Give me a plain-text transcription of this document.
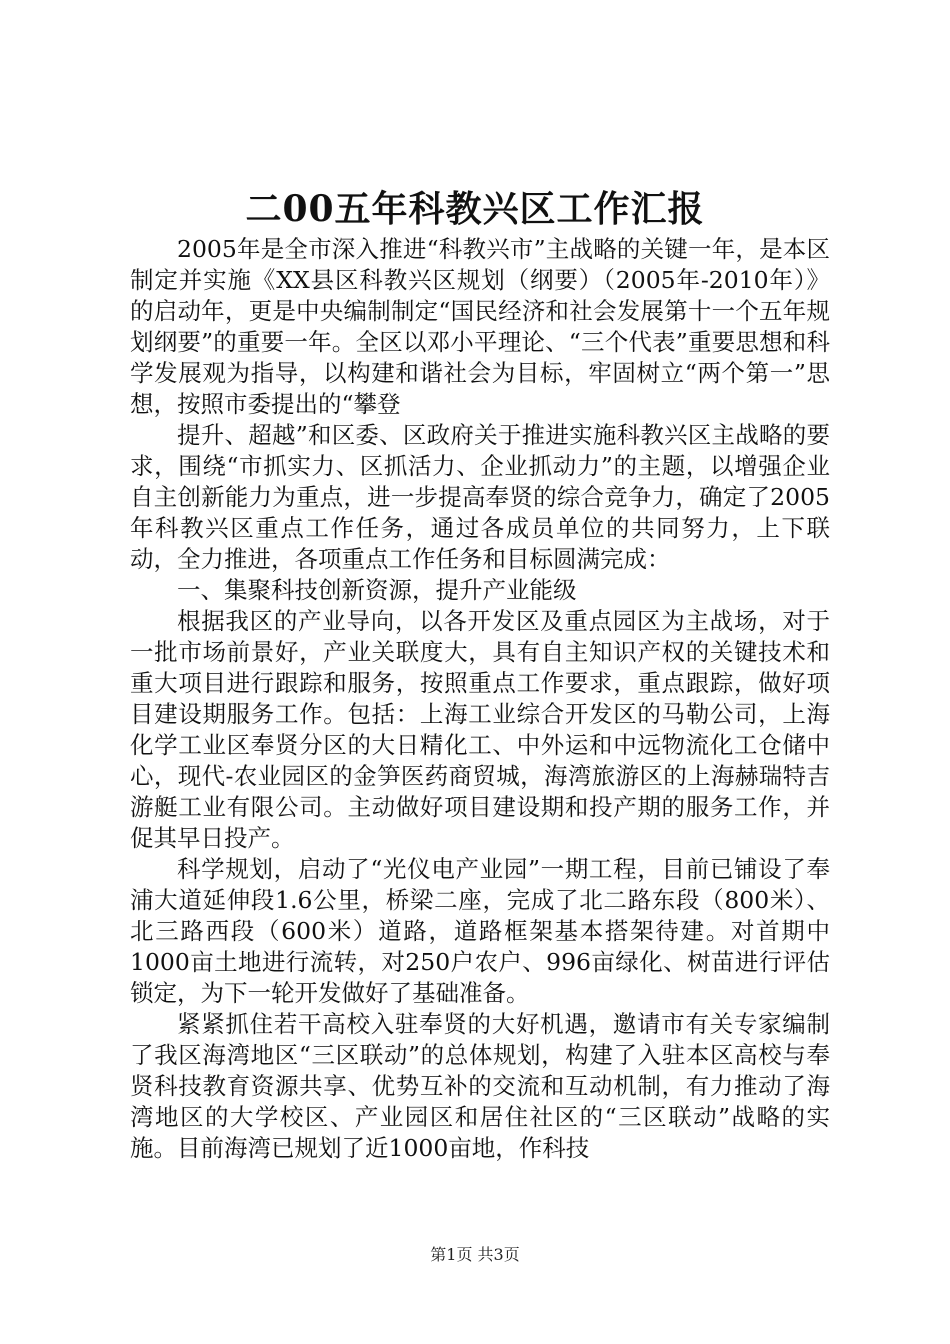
二00五年科教兴区工作汇报

2005年是全市深入推进“科教兴市”主战略的关键一年，是本区制定并实施《XX县区科教兴区规划（纲要）（2005年-2010年）》的启动年，更是中央编制制定“国民经济和社会发展第十一个五年规划纲要”的重要一年。全区以邓小平理论、“三个代表”重要思想和科学发展观为指导，以构建和谐社会为目标，牢固树立“两个第一”思想，按照市委提出的“攀登

提升、超越”和区委、区政府关于推进实施科教兴区主战略的要求，围绕“市抓实力、区抓活力、企业抓动力”的主题，以增强企业自主创新能力为重点，进一步提高奉贤的综合竞争力，确定了2005年科教兴区重点工作任务，通过各成员单位的共同努力，上下联动，全力推进，各项重点工作任务和目标圆满完成：

一、集聚科技创新资源，提升产业能级

根据我区的产业导向，以各开发区及重点园区为主战场，对于一批市场前景好，产业关联度大，具有自主知识产权的关键技术和重大项目进行跟踪和服务，按照重点工作要求，重点跟踪，做好项目建设期服务工作。包括：上海工业综合开发区的马勒公司，上海化学工业区奉贤分区的大日精化工、中外运和中远物流化工仓储中心，现代-农业园区的金笋医药商贸城，海湾旅游区的上海赫瑞特吉游艇工业有限公司。主动做好项目建设期和投产期的服务工作，并促其早日投产。

科学规划，启动了“光仪电产业园”一期工程，目前已铺设了奉浦大道延伸段1.6公里，桥梁二座，完成了北二路东段（800米）、北三路西段（600米）道路，道路框架基本搭架待建。对首期中1000亩土地进行流转，对250户农户、996亩绿化、树苗进行评估锁定，为下一轮开发做好了基础准备。

紧紧抓住若干高校入驻奉贤的大好机遇，邀请市有关专家编制了我区海湾地区“三区联动”的总体规划，构建了入驻本区高校与奉贤科技教育资源共享、优势互补的交流和互动机制，有力推动了海湾地区的大学校区、产业园区和居住社区的“三区联动”战略的实施。目前海湾已规划了近1000亩地，作科技

第1页 共3页
